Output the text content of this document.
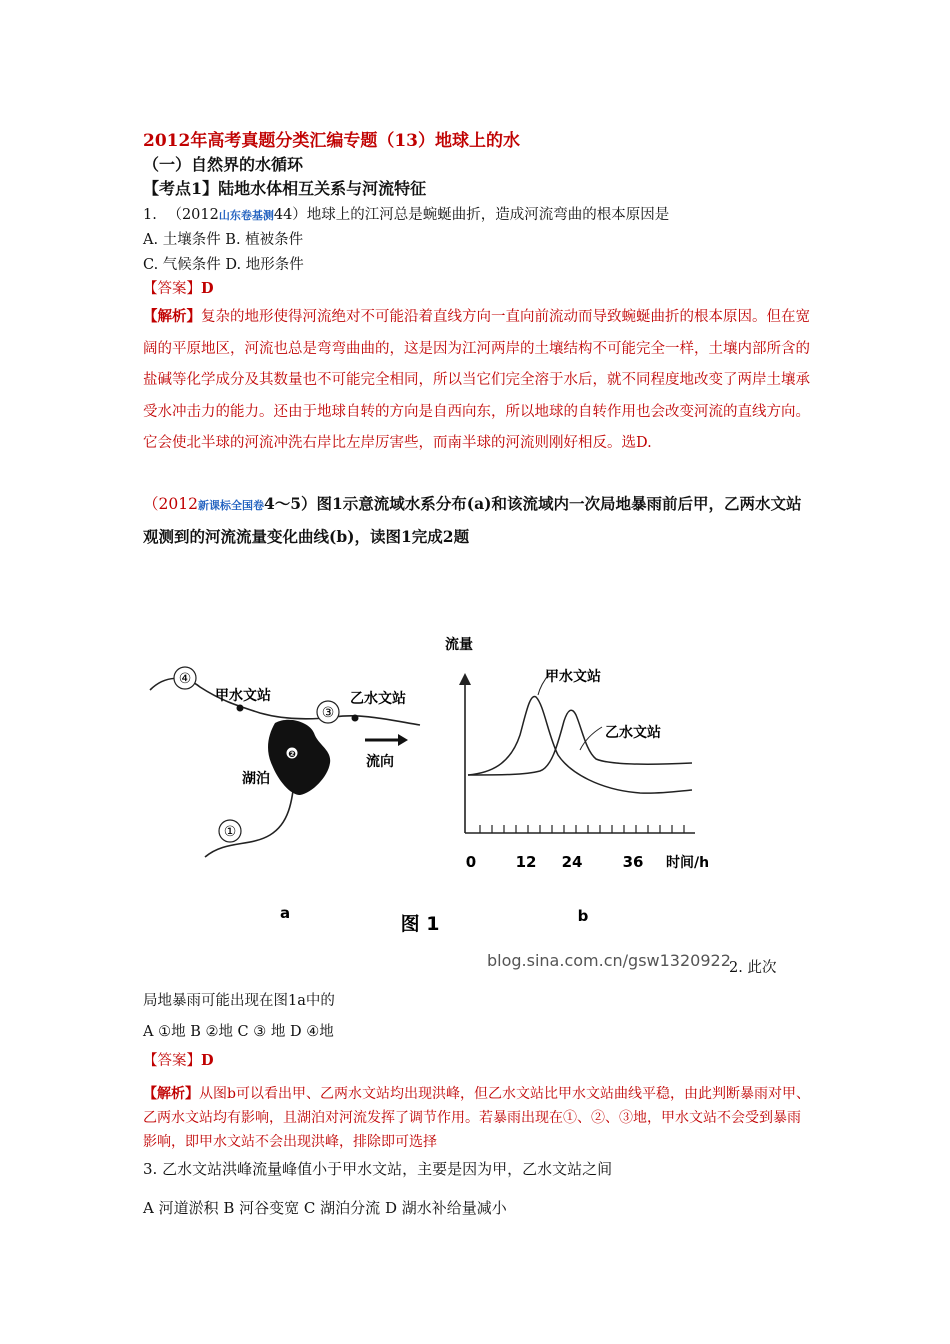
2012年高考真题分类汇编专题（13）地球上的水
（一）自然界的水循环
【考点1】陆地水体相互关系与河流特征
1. （2012山东卷基测44）地球上的江河总是蜿蜒曲折，造成河流弯曲的根本原因是
A. 土壤条件 B. 植被条件
C. 气候条件 D. 地形条件
【答案】D
【解析】复杂的地形使得河流绝对不可能沿着直线方向一直向前流动而导致蜿蜒曲折的根本原因。但在宽阔的平原地区，河流也总是弯弯曲曲的，这是因为江河两岸的土壤结构不可能完全一样，土壤内部所含的盐碱等化学成分及其数量也不可能完全相同，所以当它们完全溶于水后，就不同程度地改变了两岸土壤承受水冲击力的能力。还由于地球自转的方向是自西向东，所以地球的自转作用也会改变河流的直线方向。它会使北半球的河流冲洗右岸比左岸厉害些，而南半球的河流则刚好相反。选D.
（2012新课标全国卷4～5）图1示意流域水系分布(a)和该流域内一次局地暴雨前后甲，乙两水文站观测到的河流流量变化曲线(b)，读图1完成2题
❷
④
③
①
甲水文站	乙水文站
湖泊
流向
a
流量
0	12 24	36 时间/h
甲水文站
乙水文站
b
图 1
blog.sina.com.cn/gsw1320922
2. 此次
局地暴雨可能出现在图1a中的
A ①地 B ②地 C ③ 地 D ④地
【答案】D
【解析】从图b可以看出甲、乙两水文站均出现洪峰，但乙水文站比甲水文站曲线平稳，由此判断暴雨对甲、乙两水文站均有影响，且湖泊对河流发挥了调节作用。若暴雨出现在①、②、③地，甲水文站不会受到暴雨影响，即甲水文站不会出现洪峰，排除即可选择
3. 乙水文站洪峰流量峰值小于甲水文站，主要是因为甲，乙水文站之间
A 河道淤积 B 河谷变宽 C 湖泊分流 D 湖水补给量减小
